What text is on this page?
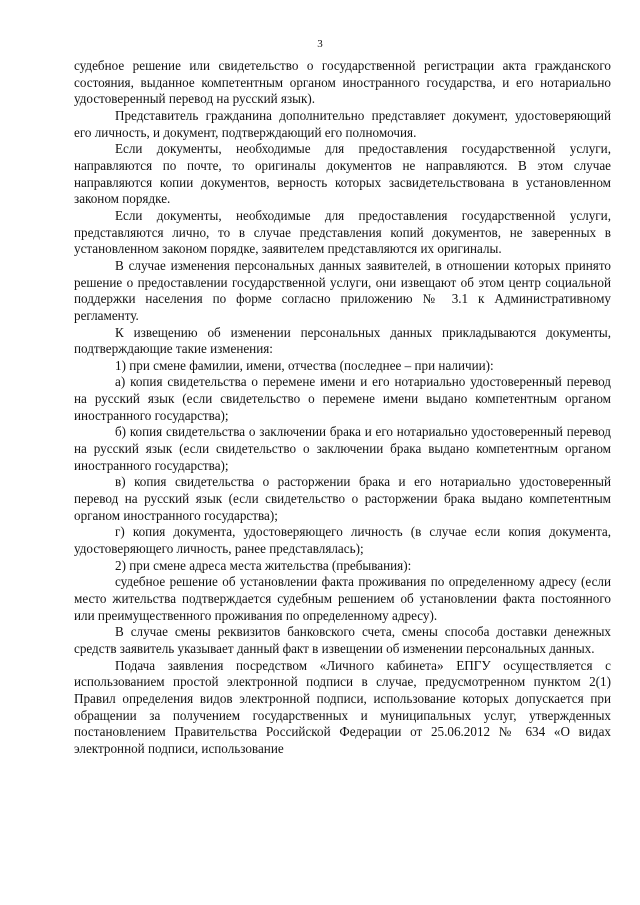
3

судебное решение или свидетельство о государственной регистрации акта гражданского состояния, выданное компетентным органом иностранного государства, и его нотариально удостоверенный перевод на русский язык).

Представитель гражданина дополнительно представляет документ, удостоверяющий его личность, и документ, подтверждающий его полномочия.

Если документы, необходимые для предоставления государственной услуги, направляются по почте, то оригиналы документов не направляются. В этом случае направляются копии документов, верность которых засвидетельствована в установленном законом порядке.

Если документы, необходимые для предоставления государственной услуги, представляются лично, то в случае представления копий документов, не заверенных в установленном законом порядке, заявителем представляются их оригиналы.

В случае изменения персональных данных заявителей, в отношении которых принято решение о предоставлении государственной услуги, они извещают об этом центр социальной поддержки населения по форме согласно приложению № 3.1 к Административному регламенту.

К извещению об изменении персональных данных прикладываются документы, подтверждающие такие изменения:

1) при смене фамилии, имени, отчества (последнее – при наличии):

а) копия свидетельства о перемене имени и его нотариально удостоверенный перевод на русский язык (если свидетельство о перемене имени выдано компетентным органом иностранного государства);

б) копия свидетельства о заключении брака и его нотариально удостоверенный перевод на русский язык (если свидетельство о заключении брака выдано компетентным органом иностранного государства);

в) копия свидетельства о расторжении брака и его нотариально удостоверенный перевод на русский язык (если свидетельство о расторжении брака выдано компетентным органом иностранного государства);

г) копия документа, удостоверяющего личность (в случае если копия документа, удостоверяющего личность, ранее представлялась);

2) при смене адреса места жительства (пребывания):

судебное решение об установлении факта проживания по определенному адресу (если место жительства подтверждается судебным решением об установлении факта постоянного или преимущественного проживания по определенному адресу).

В случае смены реквизитов банковского счета, смены способа доставки денежных средств заявитель указывает данный факт в извещении об изменении персональных данных.

Подача заявления посредством «Личного кабинета» ЕПГУ осуществляется с использованием простой электронной подписи в случае, предусмотренном пунктом 2(1) Правил определения видов электронной подписи, использование которых допускается при обращении за получением государственных и муниципальных услуг, утвержденных постановлением Правительства Российской Федерации от 25.06.2012 № 634 «О видах электронной подписи, использование
